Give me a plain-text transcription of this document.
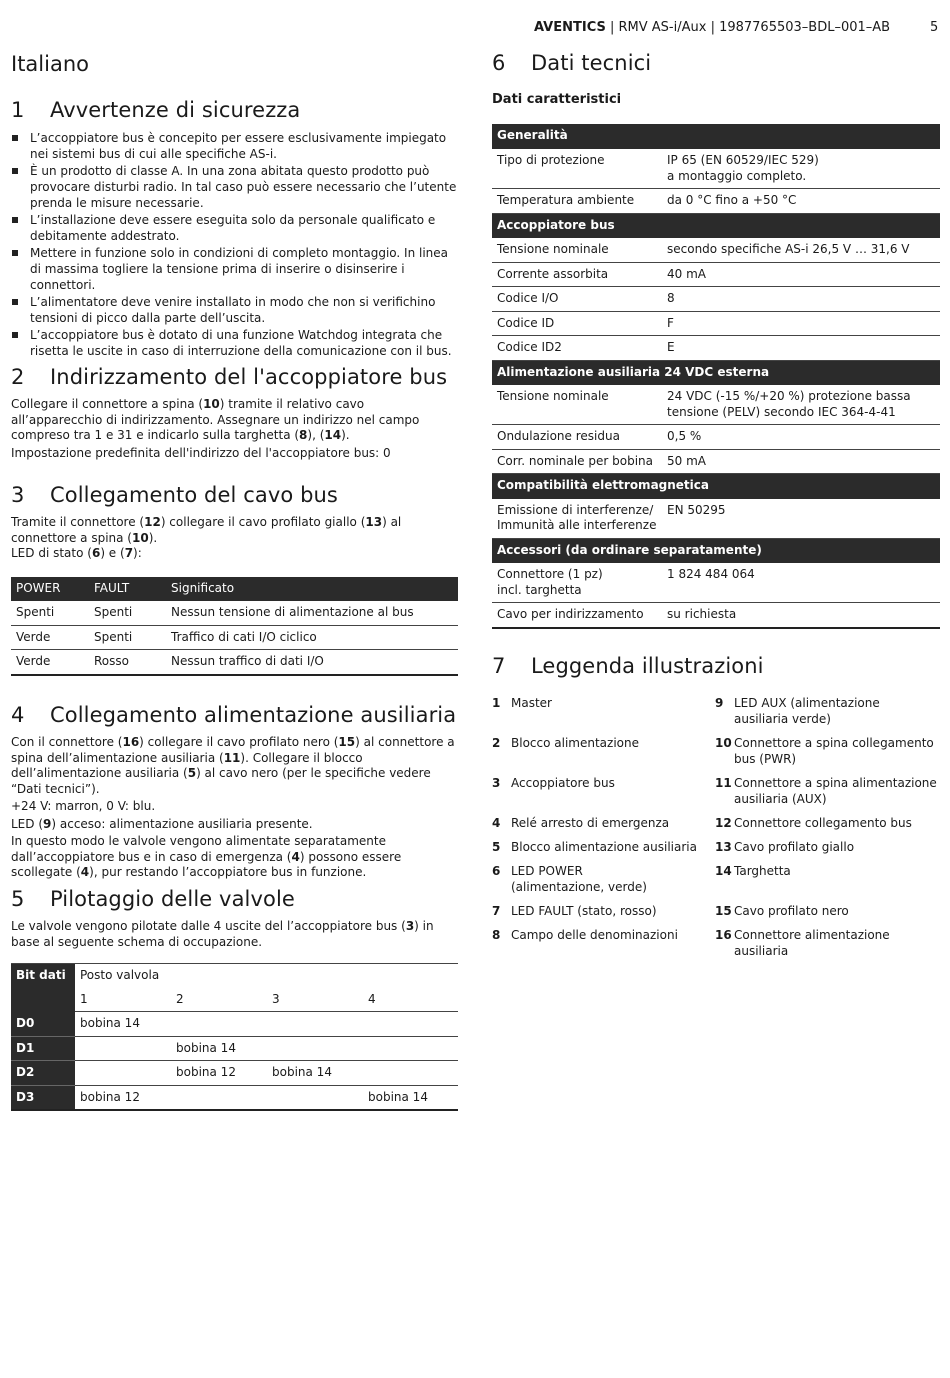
AVENTICS | RMV AS-i/Aux | 1987765503–BDL–001–AB	5
Italiano
1 Avvertenze di sicurezza
L’accoppiatore bus è concepito per essere esclusivamente impiegato nei sistemi bus di cui alle specifiche AS-i.
È un prodotto di classe A. In una zona abitata questo prodotto può provocare disturbi radio. In tal caso può essere necessario che l’utente prenda le misure necessarie.
L’installazione deve essere eseguita solo da personale qualificato e debitamente addestrato.
Mettere in funzione solo in condizioni di completo montaggio. In linea di massima togliere la tensione prima di inserire o disinserire i connettori.
L’alimentatore deve venire installato in modo che non si verifichino tensioni di picco dalla parte dell’uscita.
L’accoppiatore bus è dotato di una funzione Watchdog integrata che risetta le uscite in caso di interruzione della comunicazione con il bus.
2 Indirizzamento del l'accoppiatore bus

Collegare il connettore a spina (10) tramite il relativo cavo all’apparecchio di indirizzamento. Assegnare un indirizzo nel campo compreso tra 1 e 31 e indicarlo sulla targhetta (8), (14).

Impostazione predefinita dell'indirizzo del l'accoppiatore bus: 0

3 Collegamento del cavo bus

Tramite il connettore (12) collegare il cavo profilato giallo (13) al connettore a spina (10).

LED di stato (6) e (7):

POWER	FAULT	Significato
Spenti	Spenti	Nessun tensione di alimentazione al bus
Verde	Spenti	Traffico di cati I/O ciclico
Verde	Rosso	Nessun traffico di dati I/O
4 Collegamento alimentazione ausiliaria

Con il connettore (16) collegare il cavo profilato nero (15) al connettore a spina dell’alimentazione ausiliaria (11). Collegare il blocco dell’alimentazione ausiliaria (5) al cavo nero (per le specifiche vedere “Dati tecnici”).

+24 V: marron, 0 V: blu.

LED (9) acceso: alimentazione ausiliaria presente.

In questo modo le valvole vengono alimentate separatamente dall’accoppiatore bus e in caso di emergenza (4) possono essere scollegate (4), pur restando l’accoppiatore bus in funzione.

5 Pilotaggio delle valvole

Le valvole vengono pilotate dalle 4 uscite del l’accoppiatore bus (3) in base al seguente schema di occupazione.

Bit dati	Posto valvola			
	1	2	3	4
D0	bobina 14			
D1		bobina 14		
D2		bobina 12	bobina 14	
D3	bobina 12			bobina 14
6 Dati tecnici
Dati caratteristici
Generalità	
Tipo di protezione	IP 65 (EN 60529/IEC 529)
a montaggio completo.

Temperatura ambiente	da 0 °C fino a +50 °C
Accoppiatore bus	
Tensione nominale	secondo specifiche AS-i 26,5 V … 31,6 V
Corrente assorbita	40 mA
Codice I/O	8
Codice ID	F
Codice ID2	E
Alimentazione ausiliaria 24 VDC esterna	
Tensione nominale	24 VDC (-15 %/+20 %) protezione bassa
tensione (PELV) secondo IEC 364-4-41

Ondulazione residua	0,5 %
Corr. nominale per bobina	50 mA
Compatibilità elettromagnetica	

Emissione di interferenze/
Immunità alle interferenze	EN 50295
Accessori (da ordinare separatamente)	

Connettore (1 pz)
incl. targhetta	1 824 484 064
Cavo per indirizzamento	su richiesta
7 Leggenda illustrazioni
1 Master
2 Blocco alimentazione
3 Accoppiatore bus
4 Relé arresto di emergenza
5 Blocco alimentazione ausiliaria
6 LED POWER
(alimentazione, verde)
7 LED FAULT (stato, rosso)
8 Campo delle denominazioni
9 LED AUX (alimentazione
ausiliaria verde)
10 Connettore a spina collegamento
bus (PWR)
11 Connettore a spina alimentazione
ausiliaria (AUX)
12 Connettore collegamento bus
13 Cavo profilato giallo
14 Targhetta
15 Cavo profilato nero
16 Connettore alimentazione
ausiliaria
